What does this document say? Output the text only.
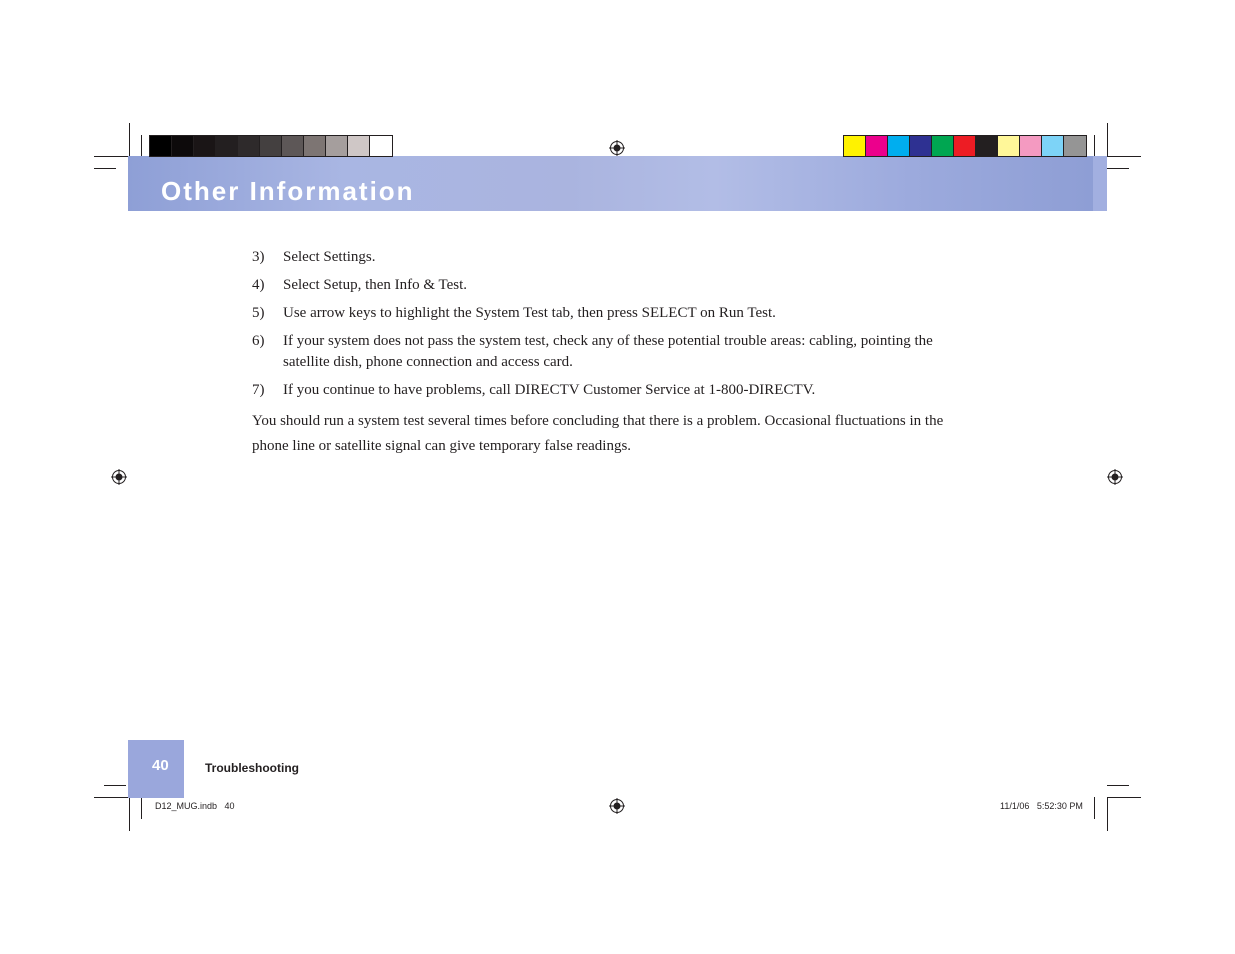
Other Information
3) Select Settings.
4) Select Setup, then Info & Test.
5) Use arrow keys to highlight the System Test tab, then press SELECT on Run Test.
6) If your system does not pass the system test, check any of these potential trouble areas: cabling, pointing the satellite dish, phone connection and access card.
7) If you continue to have problems, call DIRECTV Customer Service at 1-800-DIRECTV.

You should run a system test several times before concluding that there is a problem. Occasional fluctuations in the phone line or satellite signal can give temporary false readings.

40	Troubleshooting
D12_MUG.indb   40	11/1/06   5:52:30 PM
